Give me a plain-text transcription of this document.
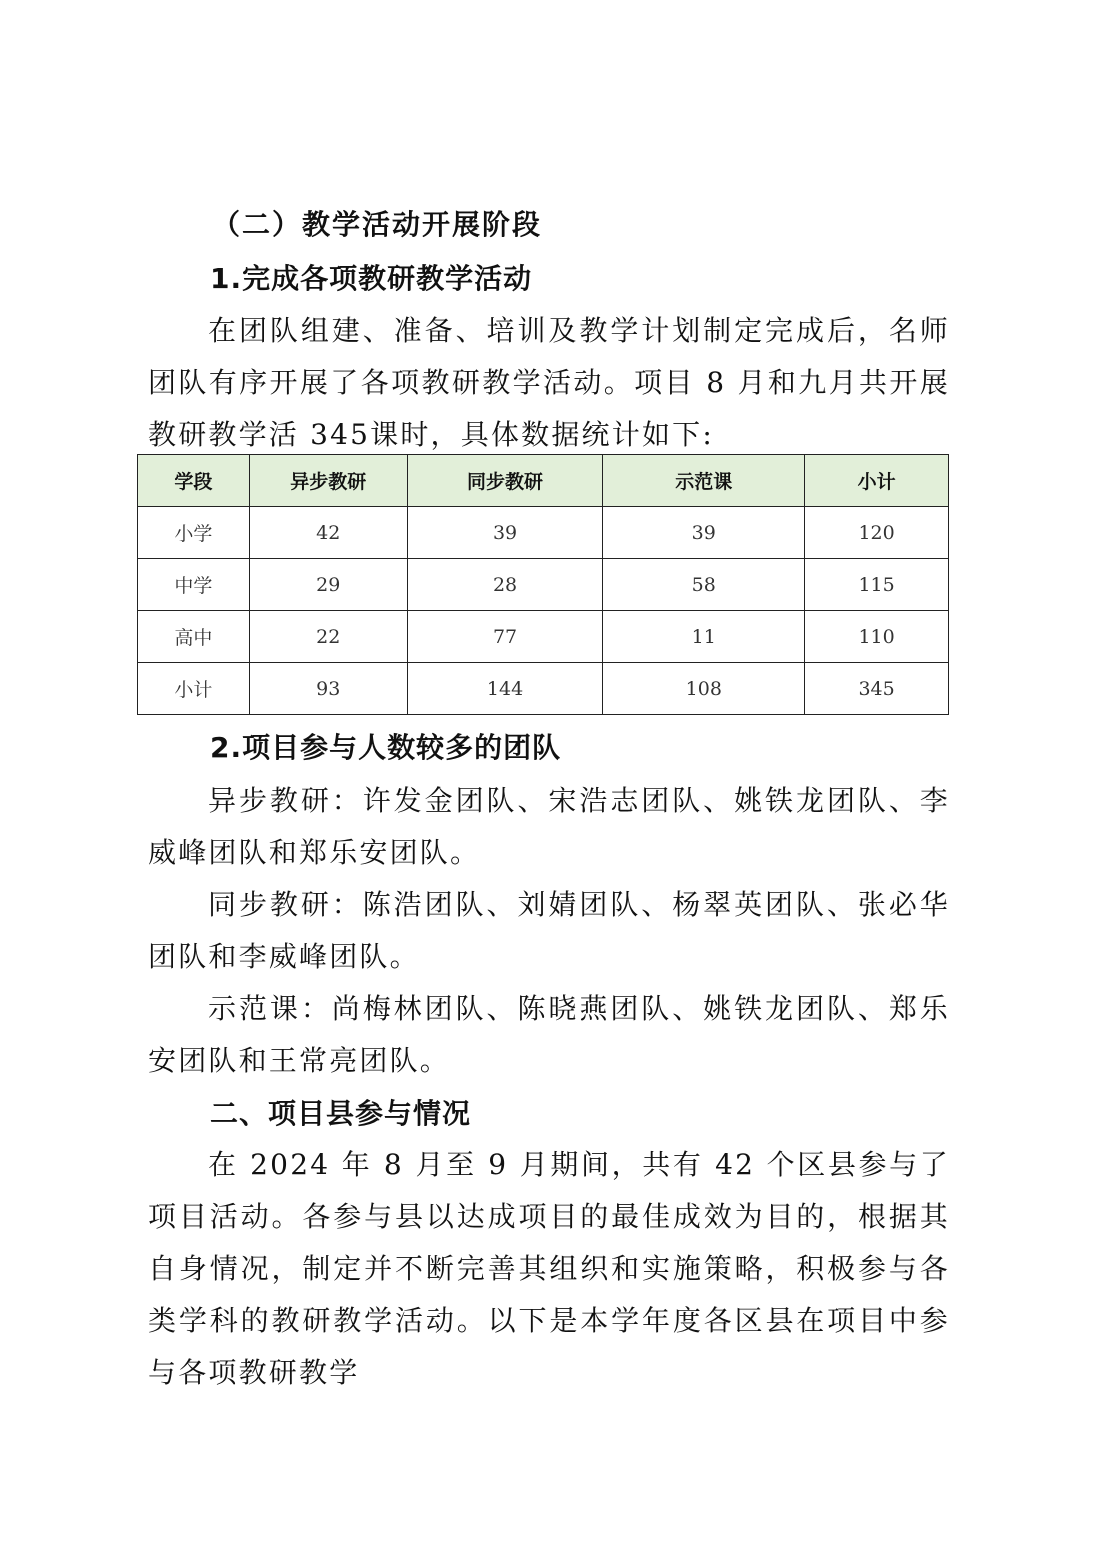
（二）教学活动开展阶段
1.完成各项教研教学活动
在团队组建、准备、培训及教学计划制定完成后，名师团队有序开展了各项教研教学活动。项目 8 月和九月共开展教研教学活 345课时，具体数据统计如下:
学段	异步教研	同步教研	示范课	小计
小学	42	39	39	120
中学	29	28	58	115
高中	22	77	11	110
小计	93	144	108	345
2.项目参与人数较多的团队
异步教研：许发金团队、宋浩志团队、姚铁龙团队、李威峰团队和郑乐安团队。
同步教研：陈浩团队、刘婧团队、杨翠英团队、张必华团队和李威峰团队。
示范课：尚梅林团队、陈晓燕团队、姚铁龙团队、郑乐安团队和王常亮团队。
二、项目县参与情况
在 2024 年 8 月至 9 月期间，共有 42 个区县参与了项目活动。各参与县以达成项目的最佳成效为目的，根据其自身情况，制定并不断完善其组织和实施策略，积极参与各类学科的教研教学活动。以下是本学年度各区县在项目中参与各项教研教学
